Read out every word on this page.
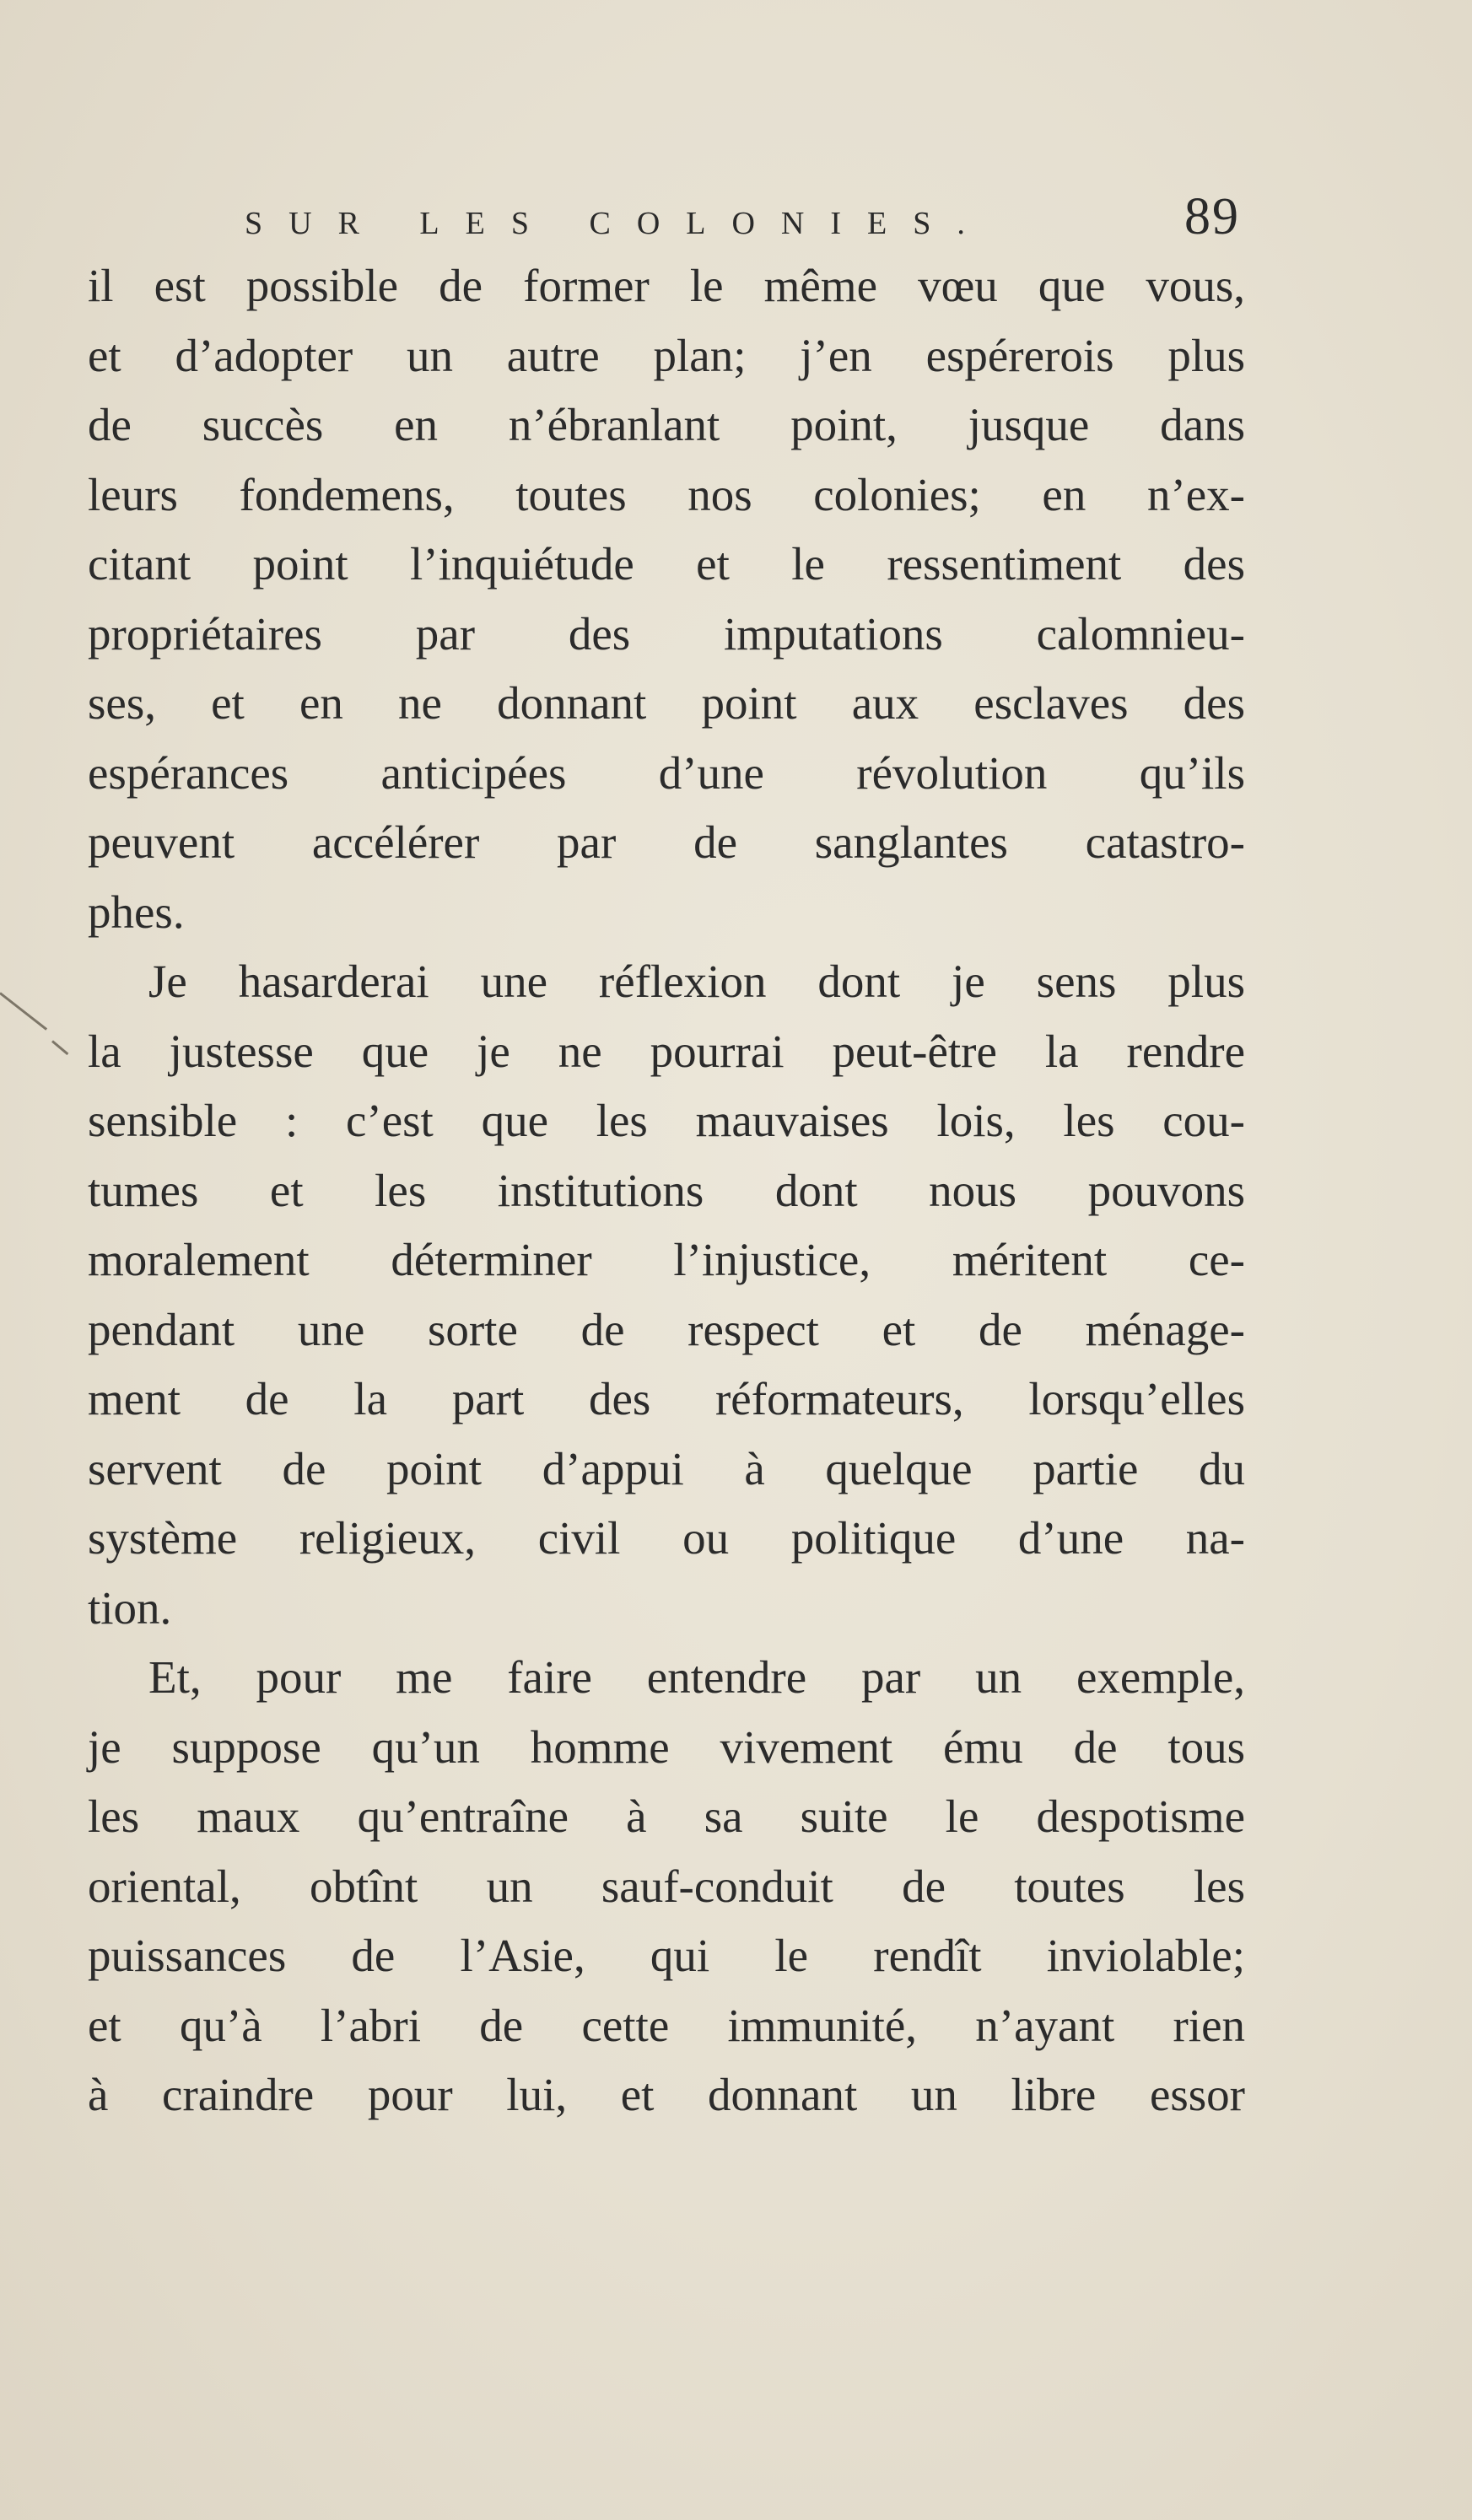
SUR LES COLONIES.	89
il est possible de former le même vœu que vous,
et d’adopter un autre plan; j’en espérerois plus
de succès en n’ébranlant point, jusque dans
leurs fondemens, toutes nos colonies; en n’ex-
citant point l’inquiétude et le ressentiment des
propriétaires par des imputations calomnieu-
ses, et en ne donnant point aux esclaves des
espérances anticipées d’une révolution qu’ils
peuvent accélérer par de sanglantes catastro-
phes.
Je hasarderai une réflexion dont je sens plus
la justesse que je ne pourrai peut-être la rendre
sensible : c’est que les mauvaises lois, les cou-
tumes et les institutions dont nous pouvons
moralement déterminer l’injustice, méritent ce-
pendant une sorte de respect et de ménage-
ment de la part des réformateurs, lorsqu’elles
servent de point d’appui à quelque partie du
système religieux, civil ou politique d’une na-
tion.
Et, pour me faire entendre par un exemple,
je suppose qu’un homme vivement ému de tous
les maux qu’entraîne à sa suite le despotisme
oriental, obtînt un sauf-conduit de toutes les
puissances de l’Asie, qui le rendît inviolable;
et qu’à l’abri de cette immunité, n’ayant rien
à craindre pour lui, et donnant un libre essor
